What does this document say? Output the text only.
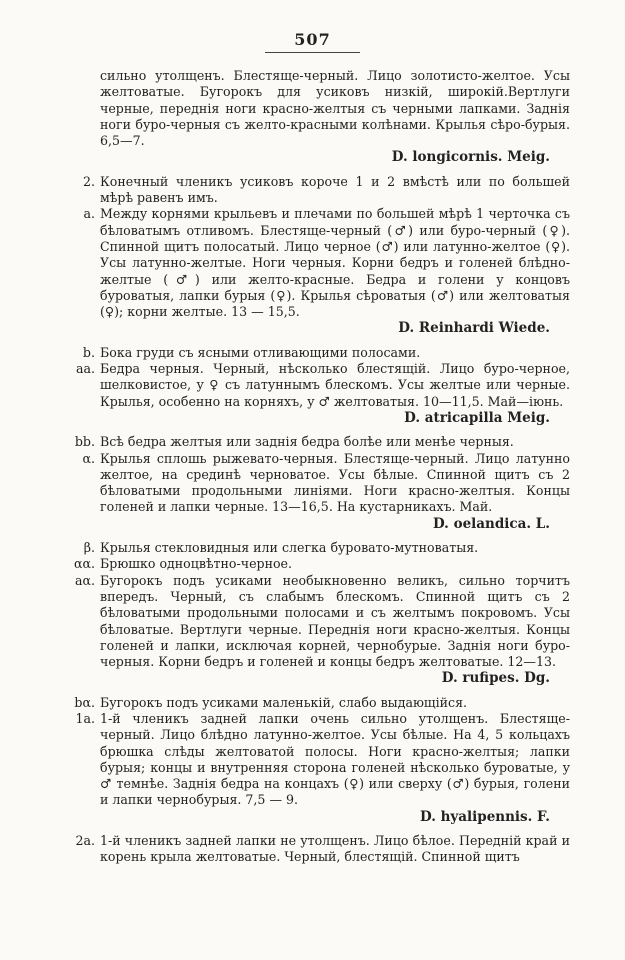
507
сильно утолщенъ. Блестяще-черный. Лицо золотисто-желтое. Усы желтоватые. Бугорокъ для усиковъ низкій, широкій.Вертлуги черные, переднія ноги красно-желтыя съ черными лапками. Заднія ноги буро-черныя съ желто-красными колѣнами. Крылья сѣро-бурыя. 6,5—7.
D. longicornis. Meig.
2. Конечный членикъ усиковъ короче 1 и 2 вмѣстѣ или по большей мѣрѣ равенъ имъ.
a. Между корнями крыльевъ и плечами по большей мѣрѣ 1 черточка съ бѣловатымъ отливомъ. Блестяще-черный (♂) или буро-черный (♀). Спинной щитъ полосатый. Лицо черное (♂) или латунно-желтое (♀). Усы латунно-желтые. Ноги черныя. Корни бедръ и голеней блѣдно-желтые (♂) или желто-красные. Бедра и голени у концовъ буроватыя, лапки бурыя (♀). Крылья сѣроватыя (♂) или желтоватыя (♀); корни желтые. 13 — 15,5.
D. Reinhardi Wiede.
b. Бока груди съ ясными отливающими полосами.
aa. Бедра черныя. Черный, нѣсколько блестящій. Лицо буро-черное, шелковистое, у ♀ съ латуннымъ блескомъ. Усы желтые или черные. Крылья, особенно на корняхъ, у ♂ желтоватыя. 10—11,5. Май—іюнь.
D. atricapilla Meig.
bb. Всѣ бедра желтыя или заднія бедра болѣе или менѣе черныя.
α. Крылья сплошь рыжевато-черныя. Блестяще-черный. Лицо латунно желтое, на срединѣ черноватое. Усы бѣлые. Спинной щитъ съ 2 бѣловатыми продольными линіями. Ноги красно-желтыя. Концы голеней и лапки черные. 13—16,5. На кустарникахъ. Май.
D. oelandica. L.
β. Крылья стекловидныя или слегка буровато-мутноватыя.
αα. Брюшко одноцвѣтно-черное.
aα. Бугорокъ подъ усиками необыкновенно великъ, сильно торчитъ впередъ. Черный, съ слабымъ блескомъ. Спинной щитъ съ 2 бѣловатыми продольными полосами и съ желтымъ покровомъ. Усы бѣловатые. Вертлуги черные. Переднія ноги красно-желтыя. Концы голеней и лапки, исключая корней, чернобурые. Заднія ноги буро-черныя. Корни бедръ и голеней и концы бедръ желтоватые. 12—13.
D. rufipes. Dg.
bα. Бугорокъ подъ усиками маленькій, слабо выдающійся.
1a. 1-й членикъ задней лапки очень сильно утолщенъ. Блестяще-черный. Лицо блѣдно латунно-желтое. Усы бѣлые. На 4, 5 кольцахъ брюшка слѣды желтоватой полосы. Ноги красно-желтыя; лапки бурыя; концы и внутренняя сторона голеней нѣсколько буроватые, у ♂ темнѣе. Заднія бедра на концахъ (♀) или сверху (♂) бурыя, голени и лапки чернобурыя. 7,5 — 9.
D. hyalipennis. F.
2a. 1-й членикъ задней лапки не утолщенъ. Лицо бѣлое. Передній край и корень крыла желтоватые. Черный, блестящій. Спинной щитъ
